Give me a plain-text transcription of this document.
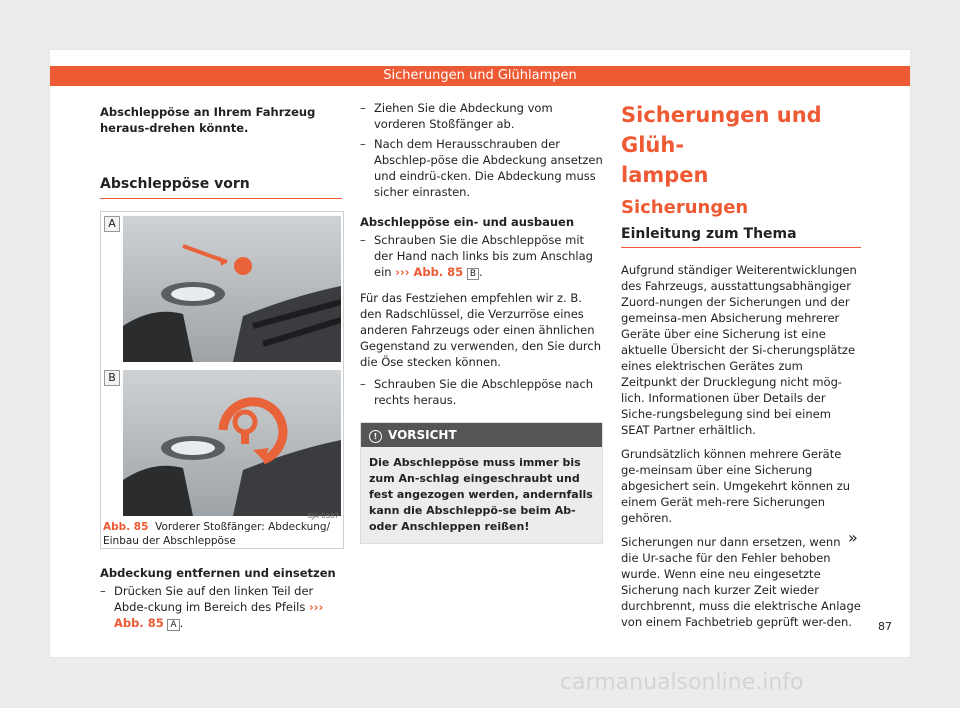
Sicherungen und Glühlampen
Abschleppöse an Ihrem Fahrzeug heraus-drehen könnte.
Abschleppöse vorn
A
B
6JA-0387
Abb. 85 Vorderer Stoßfänger: Abdeckung/ Einbau der Abschleppöse
Abdeckung entfernen und einsetzen
– Drücken Sie auf den linken Teil der Abde-ckung im Bereich des Pfeils ››› Abb. 85 A .
– Ziehen Sie die Abdeckung vom vorderen Stoßfänger ab.
– Nach dem Herausschrauben der Abschlep-pöse die Abdeckung ansetzen und eindrü-cken. Die Abdeckung muss sicher einrasten.
Abschleppöse ein- und ausbauen
– Schrauben Sie die Abschleppöse mit der Hand nach links bis zum Anschlag ein ››› Abb. 85 B .

Für das Festziehen empfehlen wir z. B. den Radschlüssel, die Verzurröse eines anderen Fahrzeugs oder einen ähnlichen Gegenstand zu verwenden, den Sie durch die Öse stecken können.

– Schrauben Sie die Abschleppöse nach rechts heraus.
! VORSICHT
Die Abschleppöse muss immer bis zum An-schlag eingeschraubt und fest angezogen werden, andernfalls kann die Abschleppö-se beim Ab- oder Anschleppen reißen!
Sicherungen und Glüh-
lampen
Sicherungen
Einleitung zum Thema

Aufgrund ständiger Weiterentwicklungen des Fahrzeugs, ausstattungsabhängiger Zuord-nungen der Sicherungen und der gemeinsa-men Absicherung mehrerer Geräte über eine Sicherung ist eine aktuelle Übersicht der Si-cherungsplätze eines elektrischen Gerätes zum Zeitpunkt der Drucklegung nicht mög-lich. Informationen über Details der Siche-rungsbelegung sind bei einem SEAT Partner erhältlich.

Grundsätzlich können mehrere Geräte ge-meinsam über eine Sicherung abgesichert sein. Umgekehrt können zu einem Gerät meh-rere Sicherungen gehören.

Sicherungen nur dann ersetzen, wenn die Ur-sache für den Fehler behoben wurde. Wenn eine neu eingesetzte Sicherung nach kurzer Zeit wieder durchbrennt, muss die elektrische Anlage von einem Fachbetrieb geprüft wer-den.

»
87
carmanualsonline.info
